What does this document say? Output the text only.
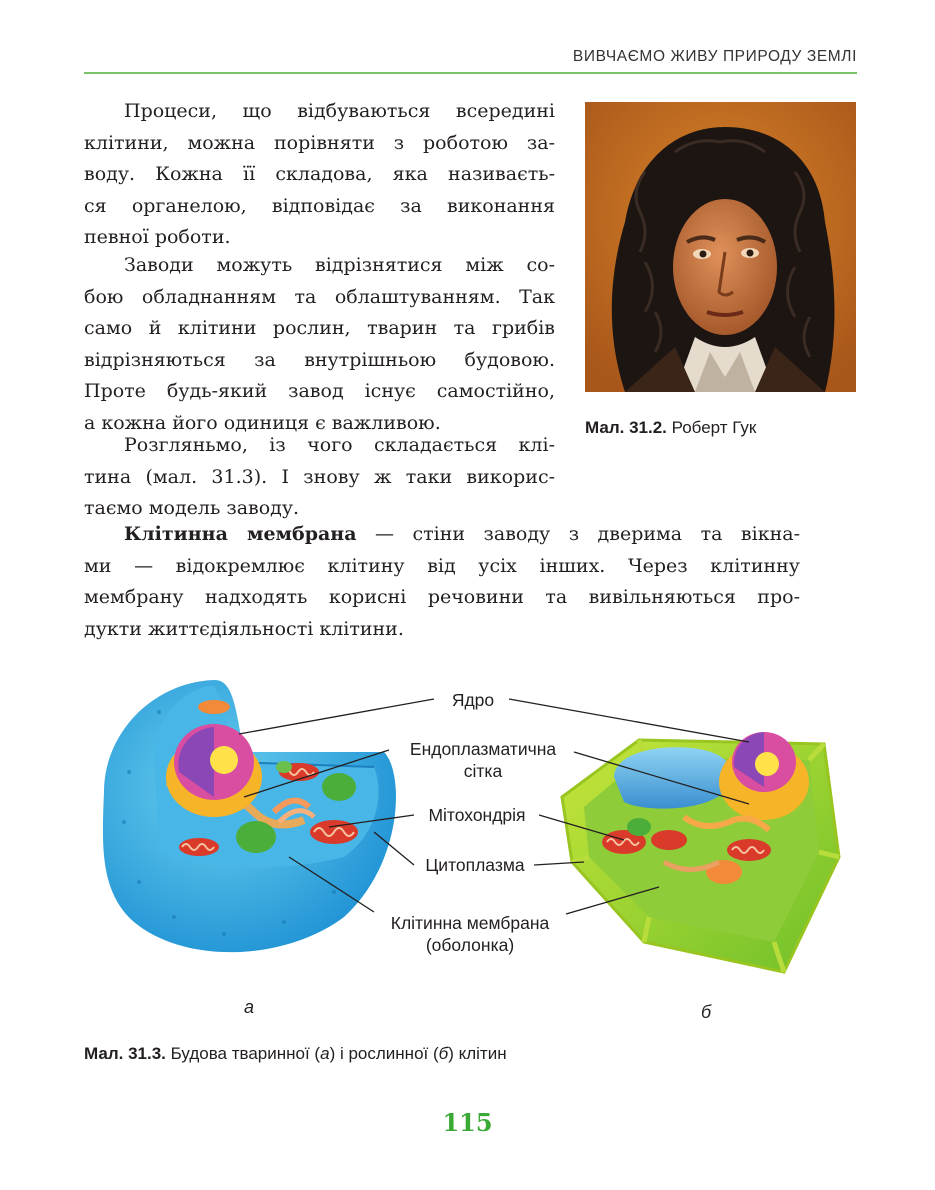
ВИВЧАЄМО ЖИВУ ПРИРОДУ ЗЕМЛІ

Процеси, що відбуваються всередині
клітини, можна порівняти з роботою за-
воду. Кожна її складова, яка називаєть-
ся органелою, відповідає за виконання
певної роботи.

Заводи можуть відрізнятися між со-
бою обладнанням та облаштуванням. Так
само й клітини рослин, тварин та грибів
відрізняються за внутрішньою будовою.
Проте будь-який завод існує самостійно,
а кожна його одиниця є важливою.

Розгляньмо, із чого складається клі-
тина (мал. 31.3). І знову ж таки викорис-
таємо модель заводу.

Клітинна мембрана — стіни заводу з дверима та вікна-
ми — відокремлює клітину від усіх інших. Через клітинну
мембрану надходять корисні речовини та вивільняються про-
дукти життєдіяльності клітини.

Мал. 31.2. Роберт Гук
Ядро
Ендоплазматична
сітка
Мітохондрія
Цитоплазма
Клітинна мембрана
(оболонка)
а	б
Мал. 31.3. Будова тваринної (а) і рослинної (б) клітин
115
